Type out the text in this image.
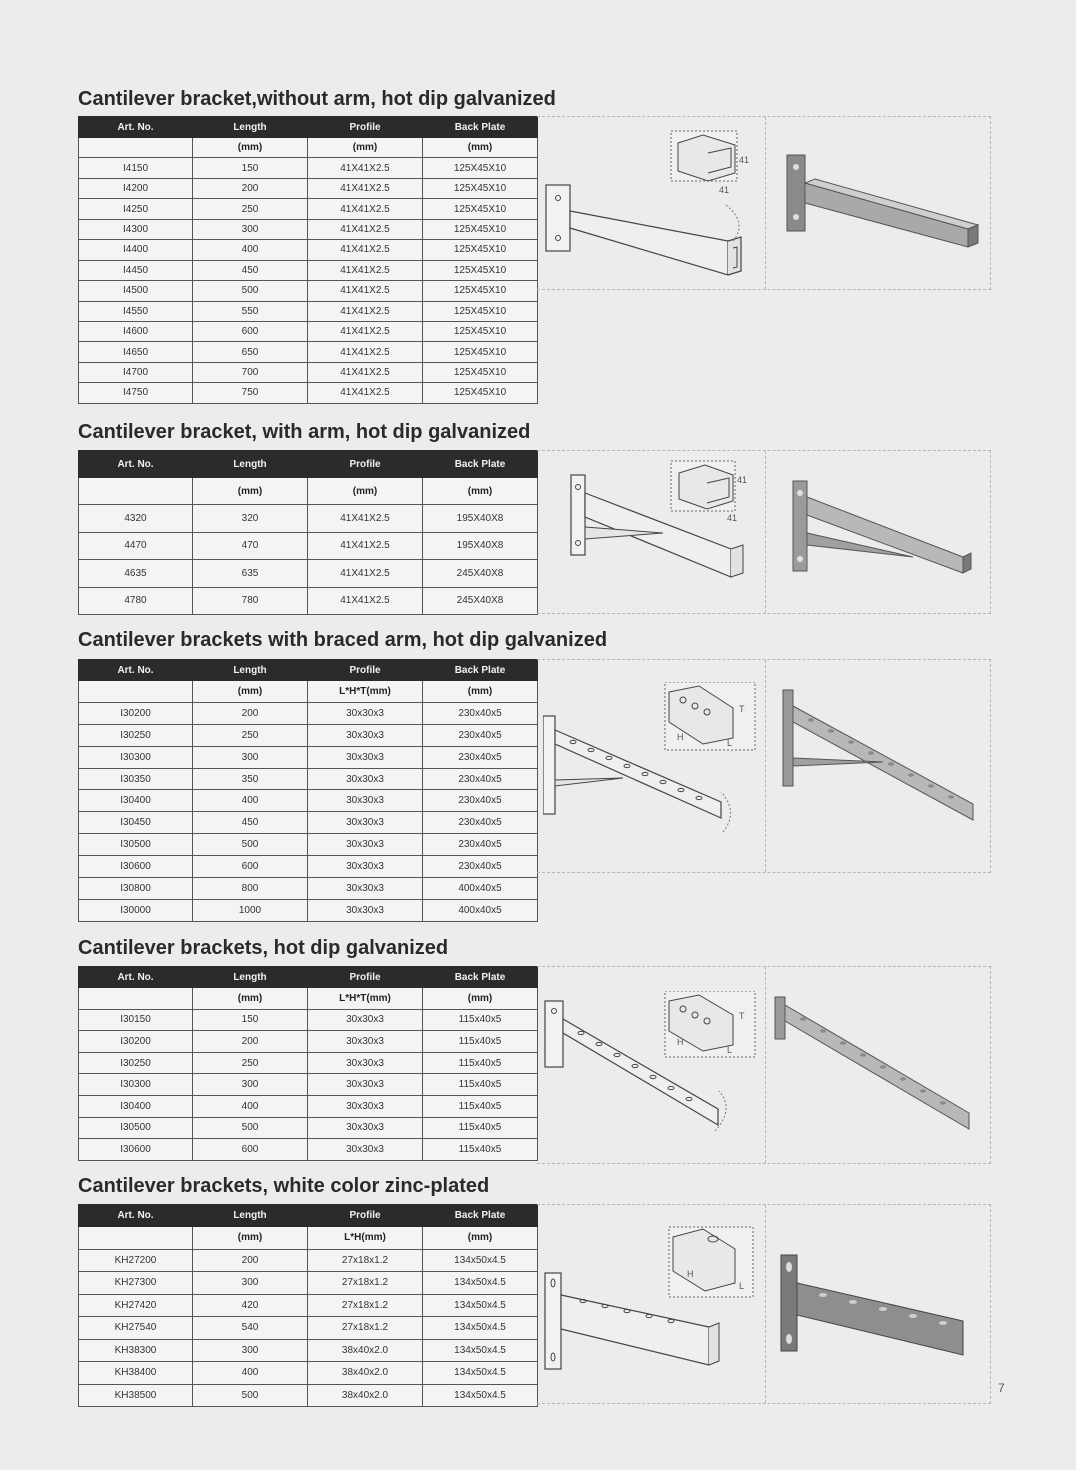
Cantilever bracket,without arm, hot dip galvanized
Art. No.	Length	Profile	Back Plate
	(mm)	(mm)	(mm)
I4150	150	41X41X2.5	125X45X10
I4200	200	41X41X2.5	125X45X10
I4250	250	41X41X2.5	125X45X10
I4300	300	41X41X2.5	125X45X10
I4400	400	41X41X2.5	125X45X10
I4450	450	41X41X2.5	125X45X10
I4500	500	41X41X2.5	125X45X10
I4550	550	41X41X2.5	125X45X10
I4600	600	41X41X2.5	125X45X10
I4650	650	41X41X2.5	125X45X10
I4700	700	41X41X2.5	125X45X10
I4750	750	41X41X2.5	125X45X10
41
41
Cantilever bracket, with arm, hot dip galvanized
Art. No.	Length	Profile	Back Plate
	(mm)	(mm)	(mm)
4320	320	41X41X2.5	195X40X8
4470	470	41X41X2.5	195X40X8
4635	635	41X41X2.5	245X40X8
4780	780	41X41X2.5	245X40X8
41
41
Cantilever brackets with braced arm, hot dip galvanized
Art. No.	Length	Profile	Back Plate
	(mm)	L*H*T(mm)	(mm)
I30200	200	30x30x3	230x40x5
I30250	250	30x30x3	230x40x5
I30300	300	30x30x3	230x40x5
I30350	350	30x30x3	230x40x5
I30400	400	30x30x3	230x40x5
I30450	450	30x30x3	230x40x5
I30500	500	30x30x3	230x40x5
I30600	600	30x30x3	230x40x5
I30800	800	30x30x3	400x40x5
I30000	1000	30x30x3	400x40x5
T
H
L
Cantilever brackets, hot dip galvanized
Art. No.	Length	Profile	Back Plate
	(mm)	L*H*T(mm)	(mm)
I30150	150	30x30x3	115x40x5
I30200	200	30x30x3	115x40x5
I30250	250	30x30x3	115x40x5
I30300	300	30x30x3	115x40x5
I30400	400	30x30x3	115x40x5
I30500	500	30x30x3	115x40x5
I30600	600	30x30x3	115x40x5
T
H
L
Cantilever brackets, white color zinc-plated
Art. No.	Length	Profile	Back Plate
	(mm)	L*H(mm)	(mm)
KH27200	200	27x18x1.2	134x50x4.5
KH27300	300	27x18x1.2	134x50x4.5
KH27420	420	27x18x1.2	134x50x4.5
KH27540	540	27x18x1.2	134x50x4.5
KH38300	300	38x40x2.0	134x50x4.5
KH38400	400	38x40x2.0	134x50x4.5
KH38500	500	38x40x2.0	134x50x4.5
H
L
7
